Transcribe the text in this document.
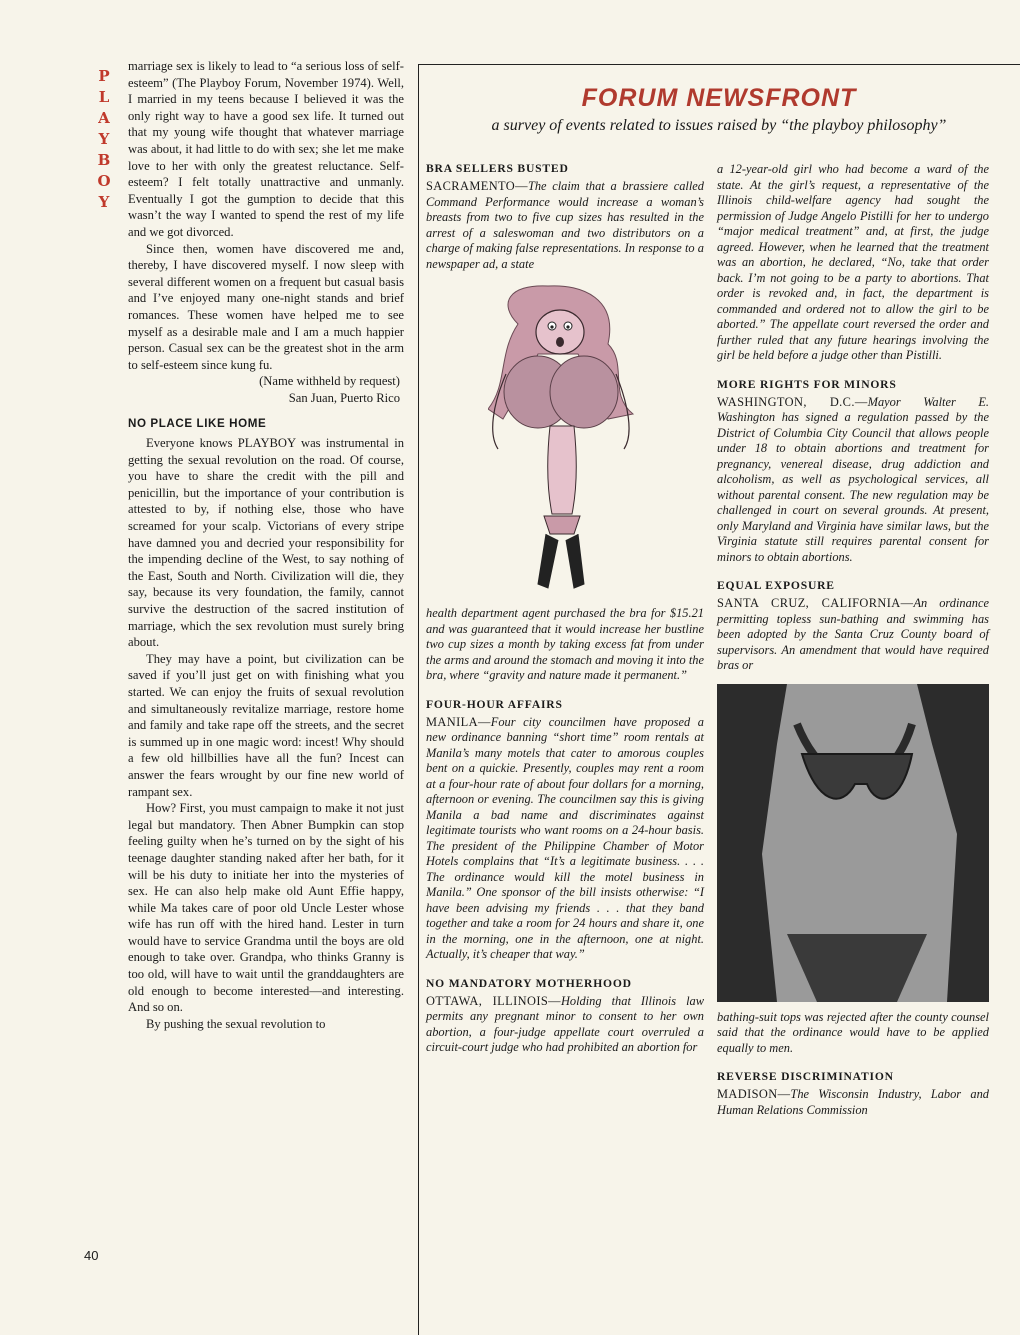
P
L
A
Y
B
O
Y

marriage sex is likely to lead to “a serious loss of self-esteem” (The Playboy Forum, November 1974). Well, I married in my teens because I believed it was the only right way to have a good sex life. It turned out that my young wife thought that whatever marriage was about, it had little to do with sex; she let me make love to her with only the greatest reluctance. Self-esteem? I felt totally unattractive and unmanly. Eventually I got the gumption to decide that this wasn’t the way I wanted to spend the rest of my life and we got divorced.

Since then, women have discovered me and, thereby, I have discovered myself. I now sleep with several different women on a frequent but casual basis and I’ve enjoyed many one-night stands and brief romances. These women have helped me to see myself as a desirable male and I am a much happier person. Casual sex can be the greatest shot in the arm to self-esteem since kung fu.

(Name withheld by request)

San Juan, Puerto Rico

NO PLACE LIKE HOME

Everyone knows PLAYBOY was instrumental in getting the sexual revolution on the road. Of course, you have to share the credit with the pill and penicillin, but the importance of your contribution is attested to by, if nothing else, those who have screamed for your scalp. Victorians of every stripe have damned you and decried your responsibility for the impending decline of the West, to say nothing of the East, South and North. Civilization will die, they say, because its very foundation, the family, cannot survive the destruction of the sacred institution of marriage, which the sex revolution must surely bring about.

They may have a point, but civilization can be saved if you’ll just get on with finishing what you started. We can enjoy the fruits of sexual revolution and simultaneously revitalize marriage, restore home and family and take rape off the streets, and the secret is summed up in one magic word: incest! Why should a few old hillbillies have all the fun? Incest can answer the fears wrought by our fine new world of rampant sex.

How? First, you must campaign to make it not just legal but mandatory. Then Abner Bumpkin can stop feeling guilty when he’s turned on by the sight of his teenage daughter standing naked after her bath, for it will be his duty to initiate her into the mysteries of sex. He can also help make old Aunt Effie happy, while Ma takes care of poor old Uncle Lester whose wife has run off with the hired hand. Lester in turn would have to service Grandma until the boys are old enough to take over. Grandpa, who thinks Granny is too old, will have to wait until the granddaughters are old enough to become interested—and interesting. And so on.

By pushing the sexual revolution to

40
FORUM NEWSFRONT
a survey of events related to issues raised by “the playboy philosophy”
BRA SELLERS BUSTED

SACRAMENTO—The claim that a brassiere called Command Performance would increase a woman’s breasts from two to five cup sizes has resulted in the arrest of a saleswoman and two distributors on a charge of making false representations. In response to a newspaper ad, a state

health department agent purchased the bra for $15.21 and was guaranteed that it would increase her bustline two cup sizes a month by taking excess fat from under the arms and around the stomach and moving it into the bra, where “gravity and nature made it permanent.”

FOUR-HOUR AFFAIRS

MANILA—Four city councilmen have proposed a new ordinance banning “short time” room rentals at Manila’s many motels that cater to amorous couples bent on a quickie. Presently, couples may rent a room at a four-hour rate of about four dollars for a morning, afternoon or evening. The councilmen say this is giving Manila a bad name and discriminates against legitimate tourists who want rooms on a 24-hour basis. The president of the Philippine Chamber of Motor Hotels complains that “It’s a legitimate business. . . . The ordinance would kill the motel business in Manila.” One sponsor of the bill insists otherwise: “I have been advising my friends . . . that they band together and take a room for 24 hours and share it, one in the morning, one in the afternoon, one at night. Actually, it’s cheaper that way.”

NO MANDATORY MOTHERHOOD

OTTAWA, ILLINOIS—Holding that Illinois law permits any pregnant minor to consent to her own abortion, a four-judge appellate court overruled a circuit-court judge who had prohibited an abortion for

a 12-year-old girl who had become a ward of the state. At the girl’s request, a representative of the Illinois child-welfare agency had sought the permission of Judge Angelo Pistilli for her to undergo “major medical treatment” and, at first, the judge agreed. However, when he learned that the treatment was an abortion, he declared, “No, take that order back. I’m not going to be a party to abortions. That order is revoked and, in fact, the department is commanded and ordered not to allow the girl to be aborted.” The appellate court reversed the order and further ruled that any future hearings involving the girl be held before a judge other than Pistilli.

MORE RIGHTS FOR MINORS

WASHINGTON, D.C.—Mayor Walter E. Washington has signed a regulation passed by the District of Columbia City Council that allows people under 18 to obtain abortions and treatment for pregnancy, venereal disease, drug addiction and alcoholism, as well as psychological services, all without parental consent. The new regulation may be challenged in court on several grounds. At present, only Maryland and Virginia have similar laws, but the Virginia statute still requires parental consent for minors to obtain abortions.

EQUAL EXPOSURE

SANTA CRUZ, CALIFORNIA—An ordinance permitting topless sun-bathing and swimming has been adopted by the Santa Cruz County board of supervisors. An amendment that would have required bras or

bathing-suit tops was rejected after the county counsel said that the ordinance would have to be applied equally to men.

REVERSE DISCRIMINATION

MADISON—The Wisconsin Industry, Labor and Human Relations Commission
